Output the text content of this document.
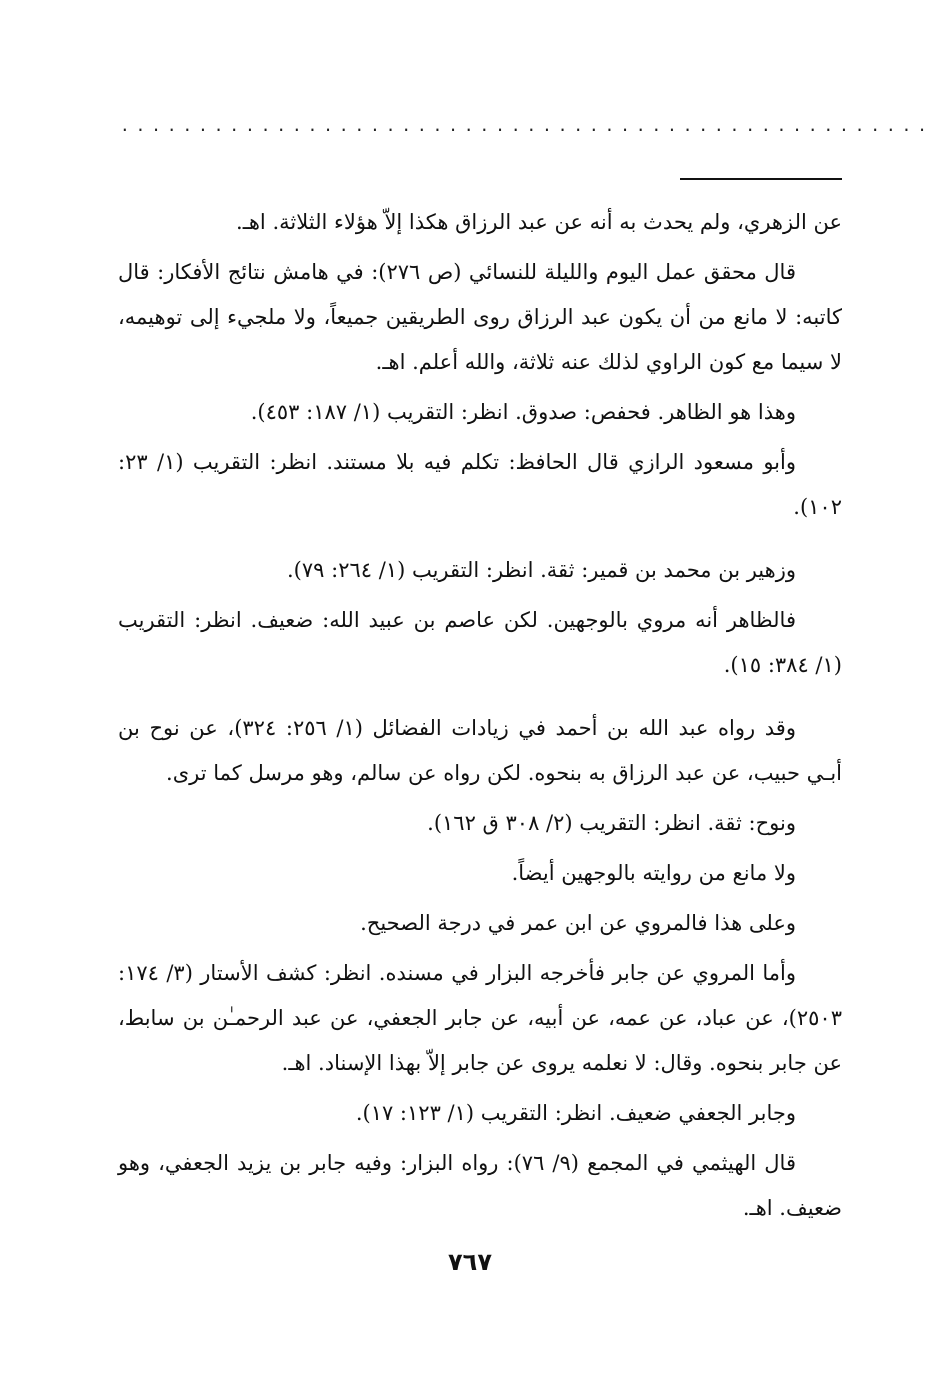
....................................................

عن الزهري، ولم يحدث به أنه عن عبد الرزاق هكذا إلاّ هؤلاء الثلاثة. اهـ.

قال محقق عمل اليوم والليلة للنسائي (ص ٢٧٦): في هامش نتائج الأفكار: قال كاتبه: لا مانع من أن يكون عبد الرزاق روى الطريقين جميعاً، ولا ملجيء إلى توهيمه، لا سيما مع كون الراوي لذلك عنه ثلاثة، والله أعلم. اهـ.

وهذا هو الظاهر. فحفص: صدوق. انظر: التقريب (١/ ١٨٧: ٤٥٣).

وأبو مسعود الرازي قال الحافظ: تكلم فيه بلا مستند. انظر: التقريب (١/ ٢٣: ١٠٢).

وزهير بن محمد بن قمير: ثقة. انظر: التقريب (١/ ٢٦٤: ٧٩).

فالظاهر أنه مروي بالوجهين. لكن عاصم بن عبيد الله: ضعيف. انظر: التقريب (١/ ٣٨٤: ١٥).

وقد رواه عبد الله بن أحمد في زيادات الفضائل (١/ ٢٥٦: ٣٢٤)، عن نوح بن أبـي حبيب، عن عبد الرزاق به بنحوه. لكن رواه عن سالم، وهو مرسل كما ترى.

ونوح: ثقة. انظر: التقريب (٢/ ٣٠٨ ق ١٦٢).

ولا مانع من روايته بالوجهين أيضاً.

وعلى هذا فالمروي عن ابن عمر في درجة الصحيح.

وأما المروي عن جابر فأخرجه البزار في مسنده. انظر: كشف الأستار (٣/ ١٧٤: ٢٥٠٣)، عن عباد، عن عمه، عن أبيه، عن جابر الجعفي، عن عبد الرحمـٰن بن سابط، عن جابر بنحوه. وقال: لا نعلمه يروى عن جابر إلاّ بهذا الإسناد. اهـ.

وجابر الجعفي ضعيف. انظر: التقريب (١/ ١٢٣: ١٧).

قال الهيثمي في المجمع (٩/ ٧٦): رواه البزار: وفيه جابر بن يزيد الجعفي، وهو ضعيف. اهـ.

٧٦٧
